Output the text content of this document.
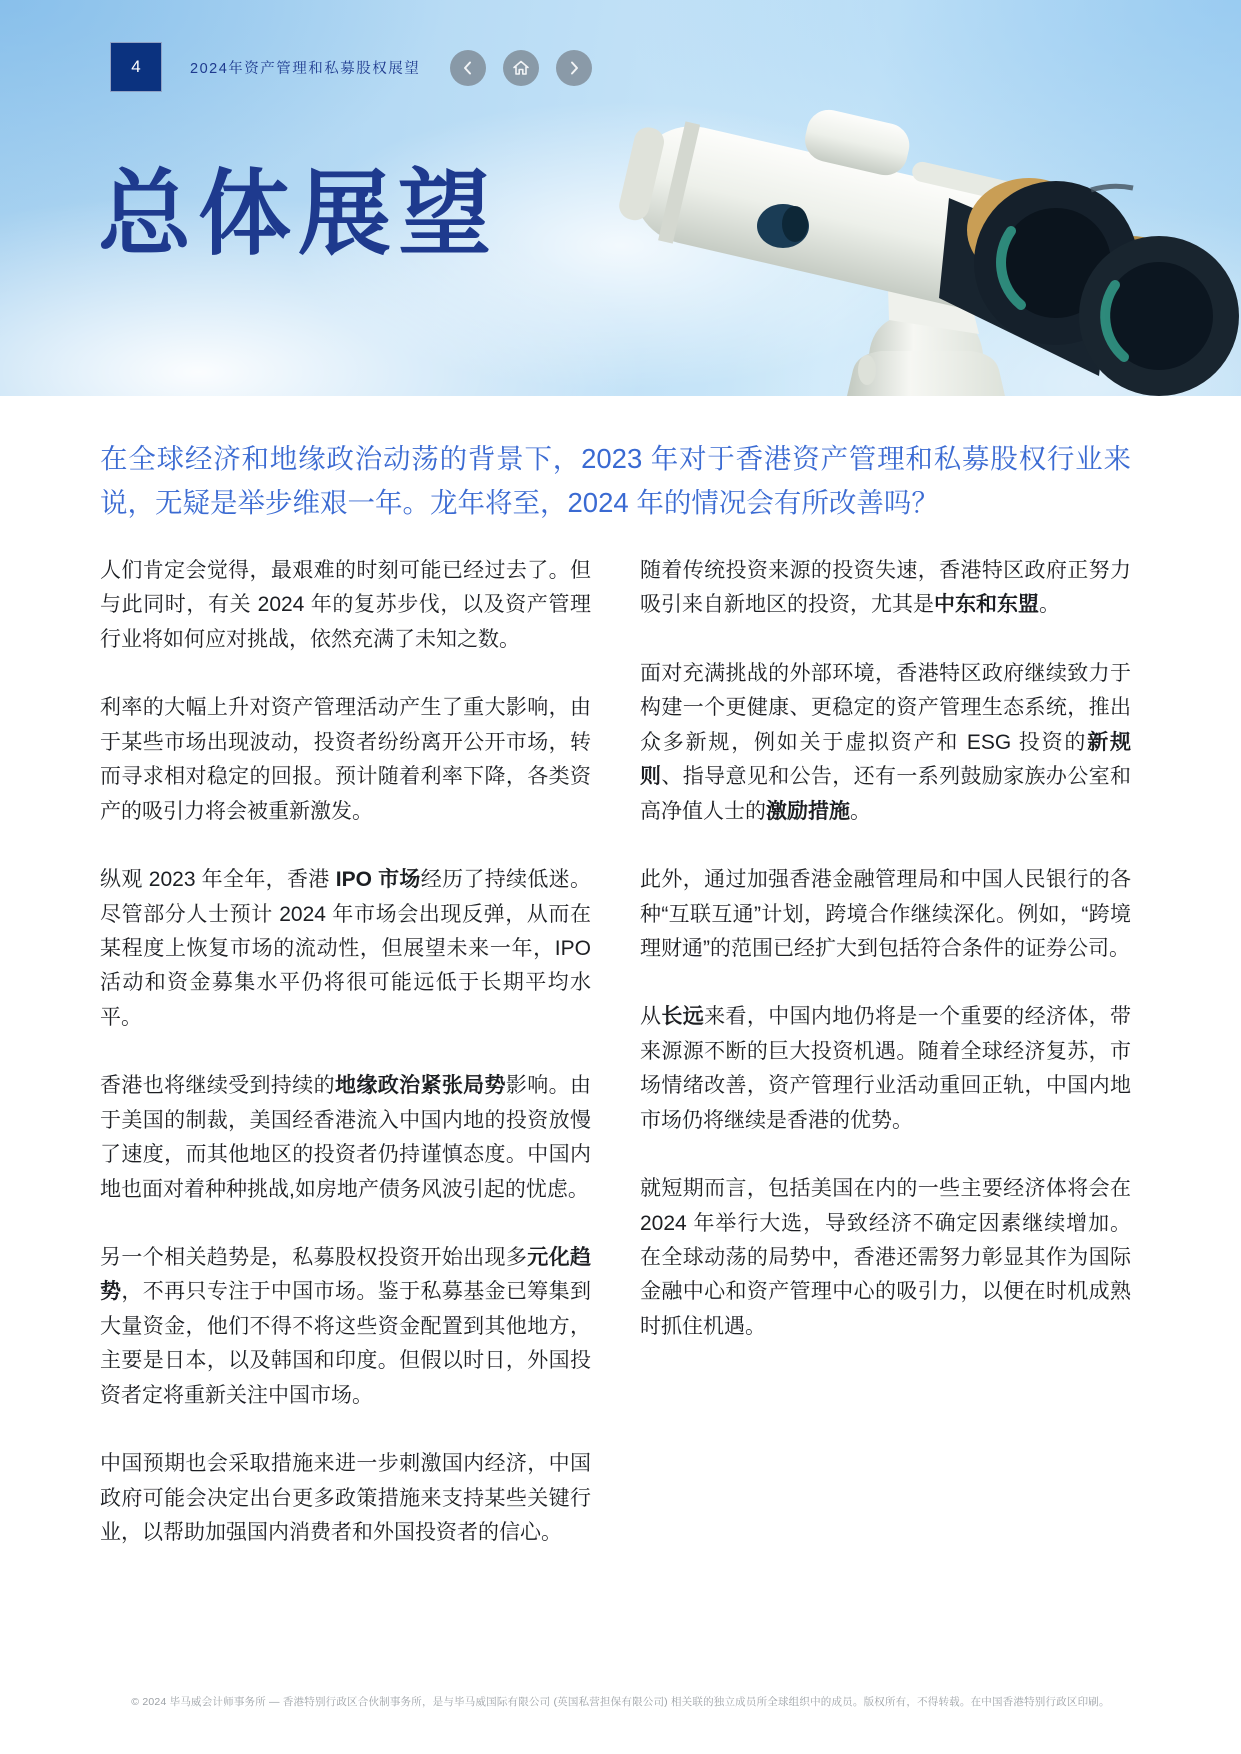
4	2024年资产管理和私募股权展望
总体展望

在全球经济和地缘政治动荡的背景下，2023 年对于香港资产管理和私募股权行业来说，无疑是举步维艰一年。龙年将至，2024 年的情况会有所改善吗？

人们肯定会觉得，最艰难的时刻可能已经过去了。但与此同时，有关 2024 年的复苏步伐，以及资产管理行业将如何应对挑战，依然充满了未知之数。

利率的大幅上升对资产管理活动产生了重大影响，由于某些市场出现波动，投资者纷纷离开公开市场，转而寻求相对稳定的回报。预计随着利率下降，各类资产的吸引力将会被重新激发。

纵观 2023 年全年，香港 IPO 市场经历了持续低迷。尽管部分人士预计 2024 年市场会出现反弹，从而在某程度上恢复市场的流动性，但展望未来一年，IPO 活动和资金募集水平仍将很可能远低于长期平均水平。

香港也将继续受到持续的地缘政治紧张局势影响。由于美国的制裁，美国经香港流入中国内地的投资放慢了速度，而其他地区的投资者仍持谨慎态度。中国内地也面对着种种挑战,如房地产债务风波引起的忧虑。

另一个相关趋势是，私募股权投资开始出现多元化趋势，不再只专注于中国市场。鉴于私募基金已筹集到大量资金，他们不得不将这些资金配置到其他地方，主要是日本，以及韩国和印度。但假以时日，外国投资者定将重新关注中国市场。

中国预期也会采取措施来进一步刺激国内经济，中国政府可能会决定出台更多政策措施来支持某些关键行业，以帮助加强国内消费者和外国投资者的信心。

随着传统投资来源的投资失速，香港特区政府正努力吸引来自新地区的投资，尤其是中东和东盟。

面对充满挑战的外部环境，香港特区政府继续致力于构建一个更健康、更稳定的资产管理生态系统，推出众多新规，例如关于虚拟资产和 ESG 投资的新规则、指导意见和公告，还有一系列鼓励家族办公室和高净值人士的激励措施。

此外，通过加强香港金融管理局和中国人民银行的各种“互联互通”计划，跨境合作继续深化。例如，“跨境理财通”的范围已经扩大到包括符合条件的证券公司。

从长远来看，中国内地仍将是一个重要的经济体，带来源源不断的巨大投资机遇。随着全球经济复苏，市场情绪改善，资产管理行业活动重回正轨，中国内地市场仍将继续是香港的优势。

就短期而言，包括美国在内的一些主要经济体将会在 2024 年举行大选，导致经济不确定因素继续增加。在全球动荡的局势中，香港还需努力彰显其作为国际金融中心和资产管理中心的吸引力，以便在时机成熟时抓住机遇。

© 2024 毕马威会计师事务所 — 香港特别行政区合伙制事务所，是与毕马威国际有限公司 (英国私营担保有限公司) 相关联的独立成员所全球组织中的成员。版权所有，不得转载。在中国香港特别行政区印刷。
